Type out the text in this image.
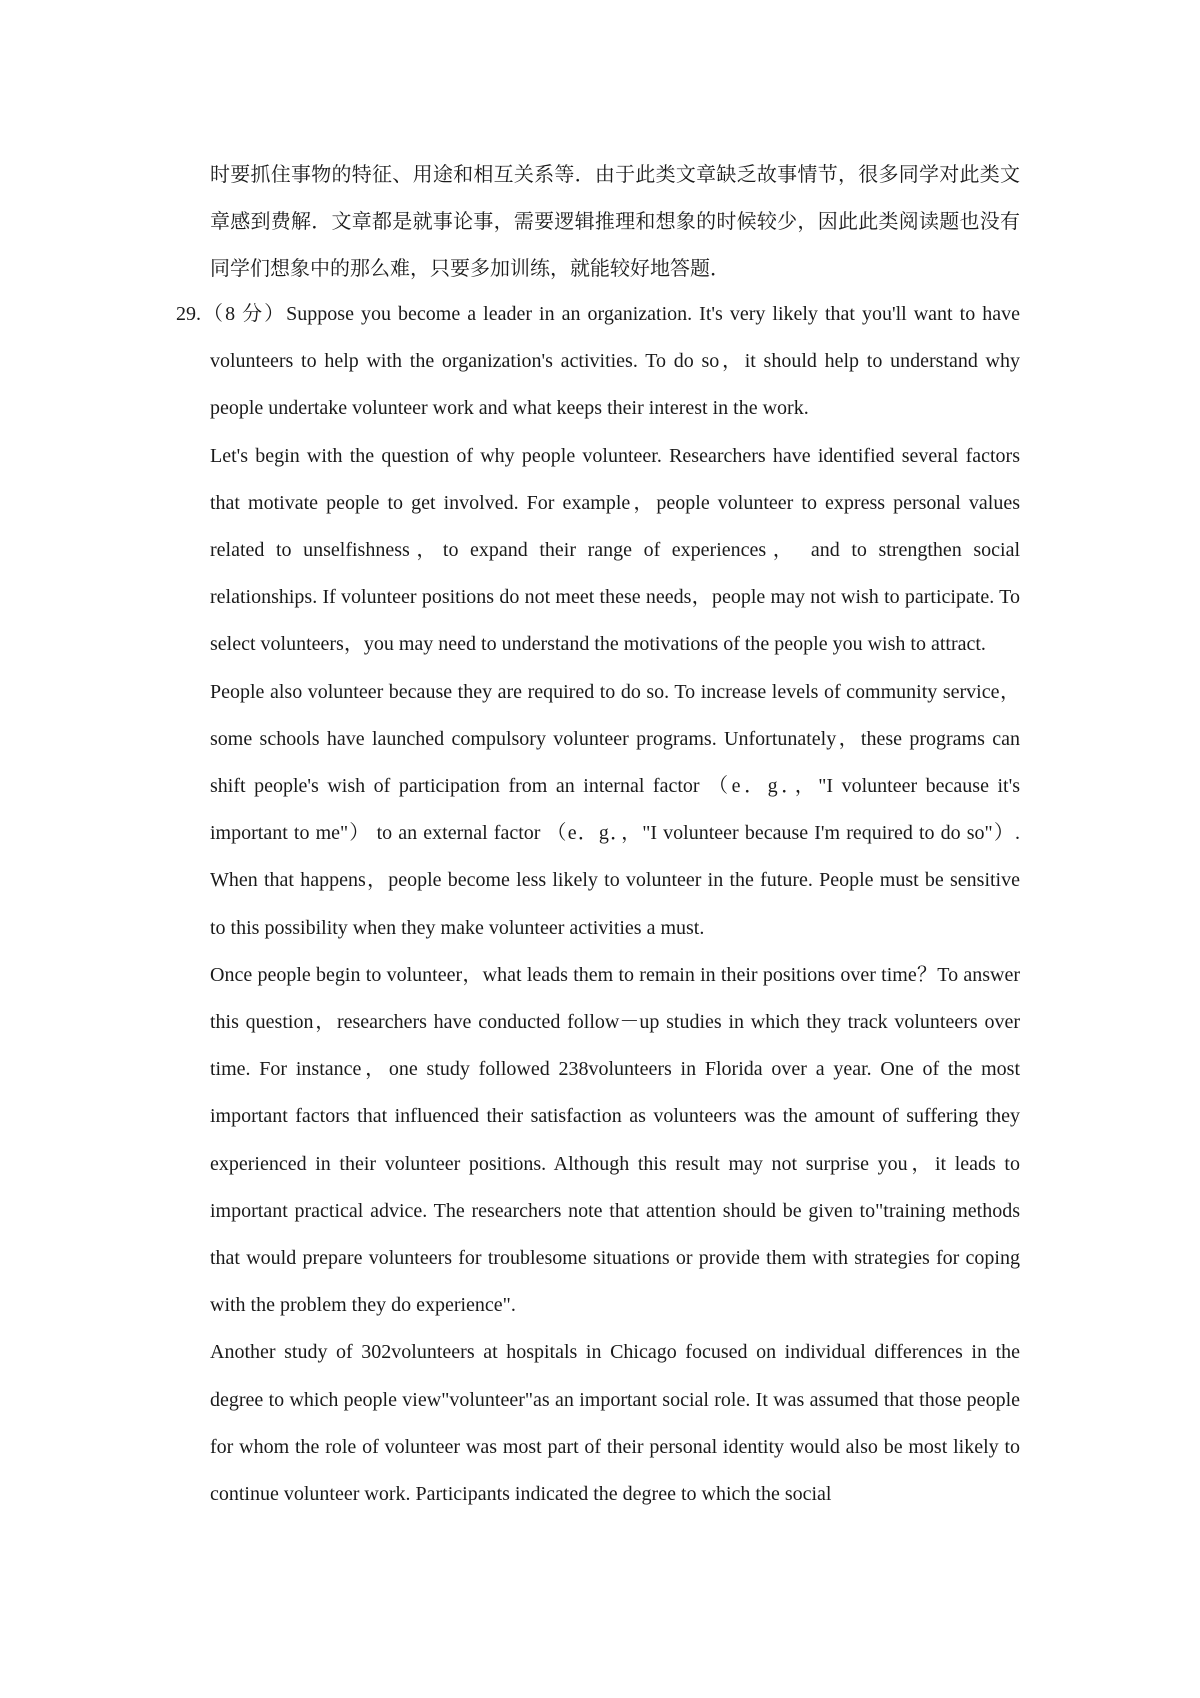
时要抓住事物的特征、用途和相互关系等．由于此类文章缺乏故事情节，很多同学对此类文章感到费解．文章都是就事论事，需要逻辑推理和想象的时候较少，因此此类阅读题也没有同学们想象中的那么难，只要多加训练，就能较好地答题．

29.（8 分）Suppose you become a leader in an organization. It's very likely that you'll want to have volunteers to help with the organization's activities. To do so，it should help to understand why people undertake volunteer work and what keeps their interest in the work.

Let's begin with the question of why people volunteer. Researchers have identified several factors that motivate people to get involved. For example，people volunteer to express personal values related to unselfishness，to expand their range of experiences， and to strengthen social relationships. If volunteer positions do not meet these needs，people may not wish to participate. To select volunteers，you may need to understand the motivations of the people you wish to attract.

People also volunteer because they are required to do so. To increase levels of community service，some schools have launched compulsory volunteer programs. Unfortunately，these programs can shift people's wish of participation from an internal factor （e．g．，"I volunteer because it's important to me"） to an external factor （e．g．，"I volunteer because I'm required to do so"）. When that happens，people become less likely to volunteer in the future. People must be sensitive to this possibility when they make volunteer activities a must.

Once people begin to volunteer，what leads them to remain in their positions over time？To answer this question，researchers have conducted follow－up studies in which they track volunteers over time. For instance，one study followed 238volunteers in Florida over a year. One of the most important factors that influenced their satisfaction as volunteers was the amount of suffering they experienced in their volunteer positions. Although this result may not surprise you，it leads to important practical advice. The researchers note that attention should be given to"training methods that would prepare volunteers for troublesome situations or provide them with strategies for coping with the problem they do experience".

Another study of 302volunteers at hospitals in Chicago focused on individual differences in the degree to which people view"volunteer"as an important social role. It was assumed that those people for whom the role of volunteer was most part of their personal identity would also be most likely to continue volunteer work. Participants indicated the degree to which the social
